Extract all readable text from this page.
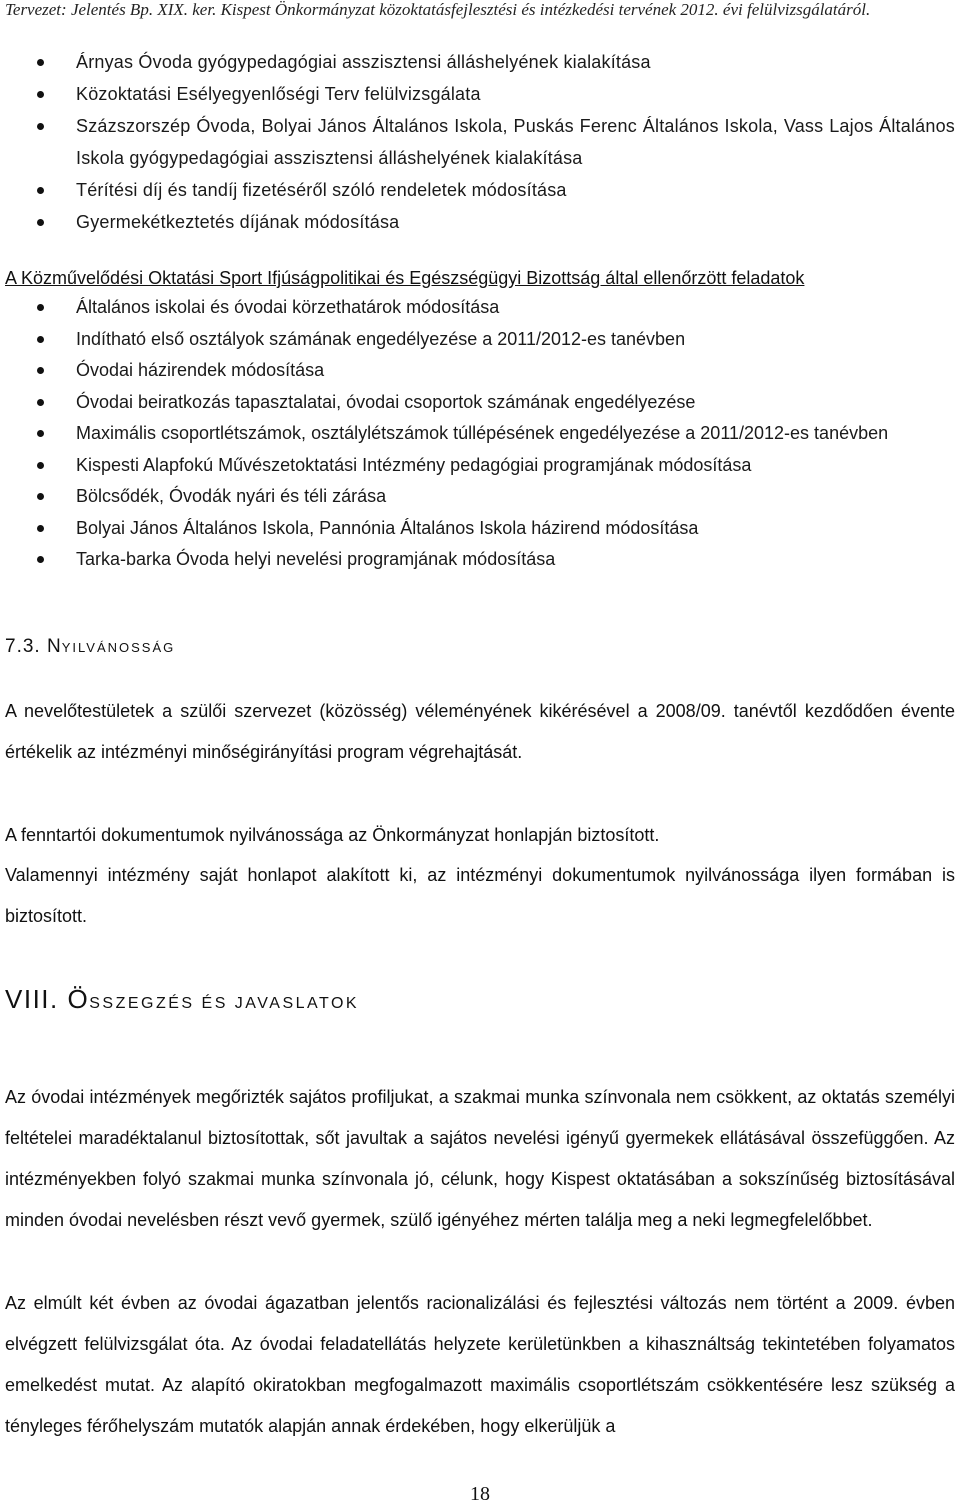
Tervezet: Jelentés Bp. XIX. ker. Kispest Önkormányzat közoktatásfejlesztési és intézkedési tervének 2012. évi felülvizsgálatáról.
Árnyas Óvoda gyógypedagógiai asszisztensi álláshelyének kialakítása
Közoktatási Esélyegyenlőségi Terv felülvizsgálata
Százszorszép Óvoda, Bolyai János Általános Iskola, Puskás Ferenc Általános Iskola, Vass Lajos Általános Iskola gyógypedagógiai asszisztensi álláshelyének kialakítása
Térítési díj és tandíj fizetéséről szóló rendeletek módosítása
Gyermekétkeztetés díjának módosítása
A Közművelődési Oktatási Sport Ifjúságpolitikai és Egészségügyi Bizottság által ellenőrzött feladatok
Általános iskolai és óvodai körzethatárok módosítása
Indítható első osztályok számának engedélyezése a 2011/2012-es tanévben
Óvodai házirendek módosítása
Óvodai beiratkozás tapasztalatai, óvodai csoportok számának engedélyezése
Maximális csoportlétszámok, osztálylétszámok túllépésének engedélyezése a 2011/2012-es tanévben
Kispesti Alapfokú Művészetoktatási Intézmény pedagógiai programjának módosítása
Bölcsődék, Óvodák nyári és téli zárása
Bolyai János Általános Iskola, Pannónia Általános Iskola házirend módosítása
Tarka-barka Óvoda helyi nevelési programjának módosítása
7.3. NYILVÁNOSSÁG

A nevelőtestületek a szülői szervezet (közösség) véleményének kikérésével a 2008/09. tanévtől kezdődően évente értékelik az intézményi minőségirányítási program végrehajtását.

A fenntartói dokumentumok nyilvánossága az Önkormányzat honlapján biztosított.

Valamennyi intézmény saját honlapot alakított ki, az intézményi dokumentumok nyilvánossága ilyen formában is biztosított.

VIII. ÖSSZEGZÉS ÉS JAVASLATOK

Az óvodai intézmények megőrizték sajátos profiljukat, a szakmai munka színvonala nem csökkent, az oktatás személyi feltételei maradéktalanul biztosítottak, sőt javultak a sajátos nevelési igényű gyermekek ellátásával összefüggően. Az intézményekben folyó szakmai munka színvonala jó, célunk, hogy Kispest oktatásában a sokszínűség biztosításával minden óvodai nevelésben részt vevő gyermek, szülő igényéhez mérten találja meg a neki legmegfelelőbbet.

Az elmúlt két évben az óvodai ágazatban jelentős racionalizálási és fejlesztési változás nem történt a 2009. évben elvégzett felülvizsgálat óta. Az óvodai feladatellátás helyzete kerületünkben a kihasználtság tekintetében folyamatos emelkedést mutat. Az alapító okiratokban megfogalmazott maximális csoportlétszám csökkentésére lesz szükség a tényleges férőhelyszám mutatók alapján annak érdekében, hogy elkerüljük a

18
